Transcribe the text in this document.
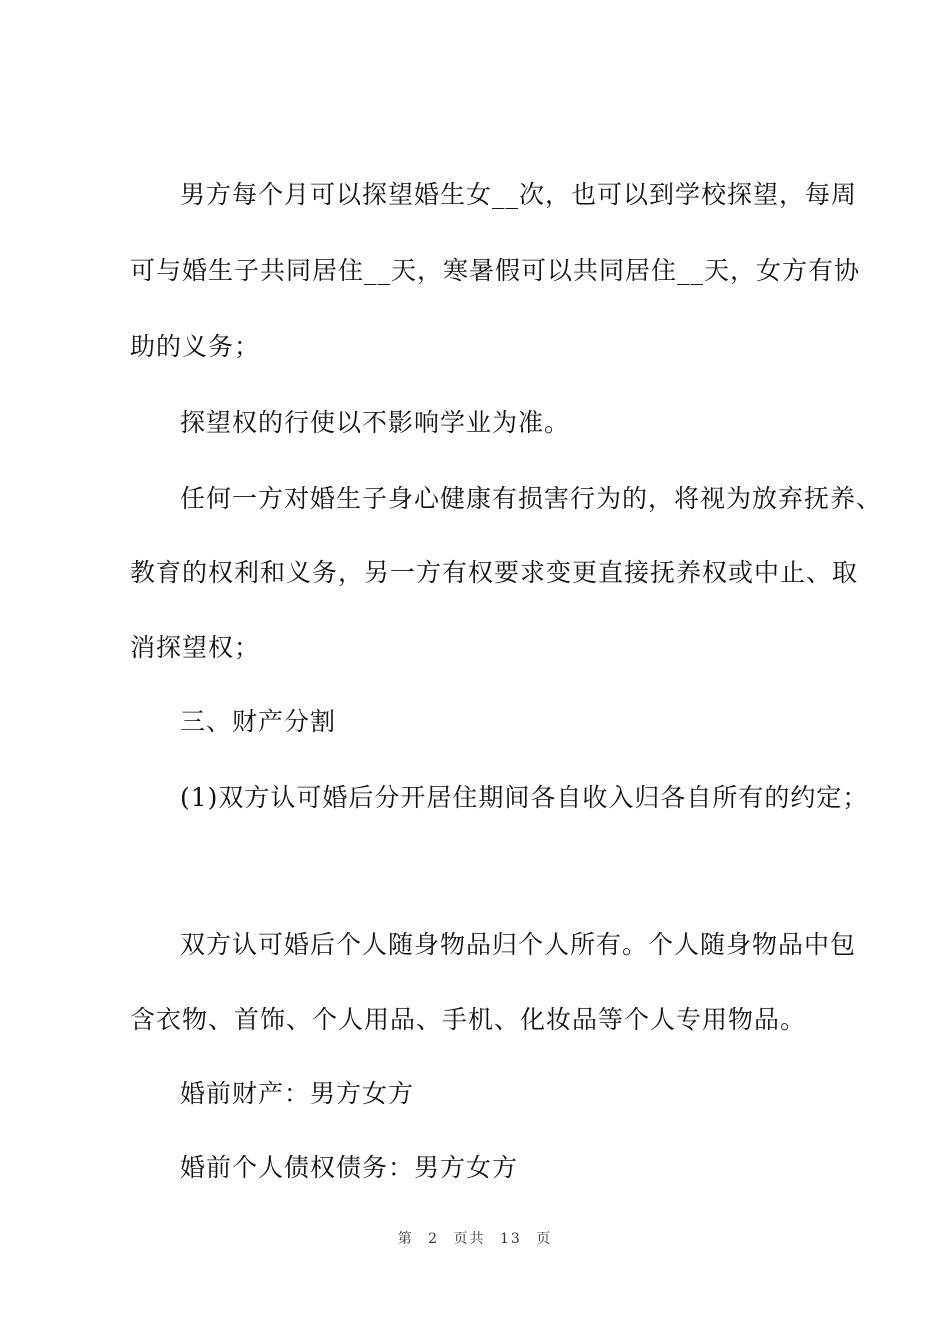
男方每个月可以探望婚生女__次，也可以到学校探望，每周
可与婚生子共同居住__天，寒暑假可以共同居住__天，女方有协
助的义务；
探望权的行使以不影响学业为准。
任何一方对婚生子身心健康有损害行为的，将视为放弃抚养、
教育的权利和义务，另一方有权要求变更直接抚养权或中止、取
消探望权；
三、财产分割
(1)双方认可婚后分开居住期间各自收入归各自所有的约定；
双方认可婚后个人随身物品归个人所有。个人随身物品中包
含衣物、首饰、个人用品、手机、化妆品等个人专用物品。
婚前财产：男方女方
婚前个人债权债务：男方女方
第 2 页共 13 页
